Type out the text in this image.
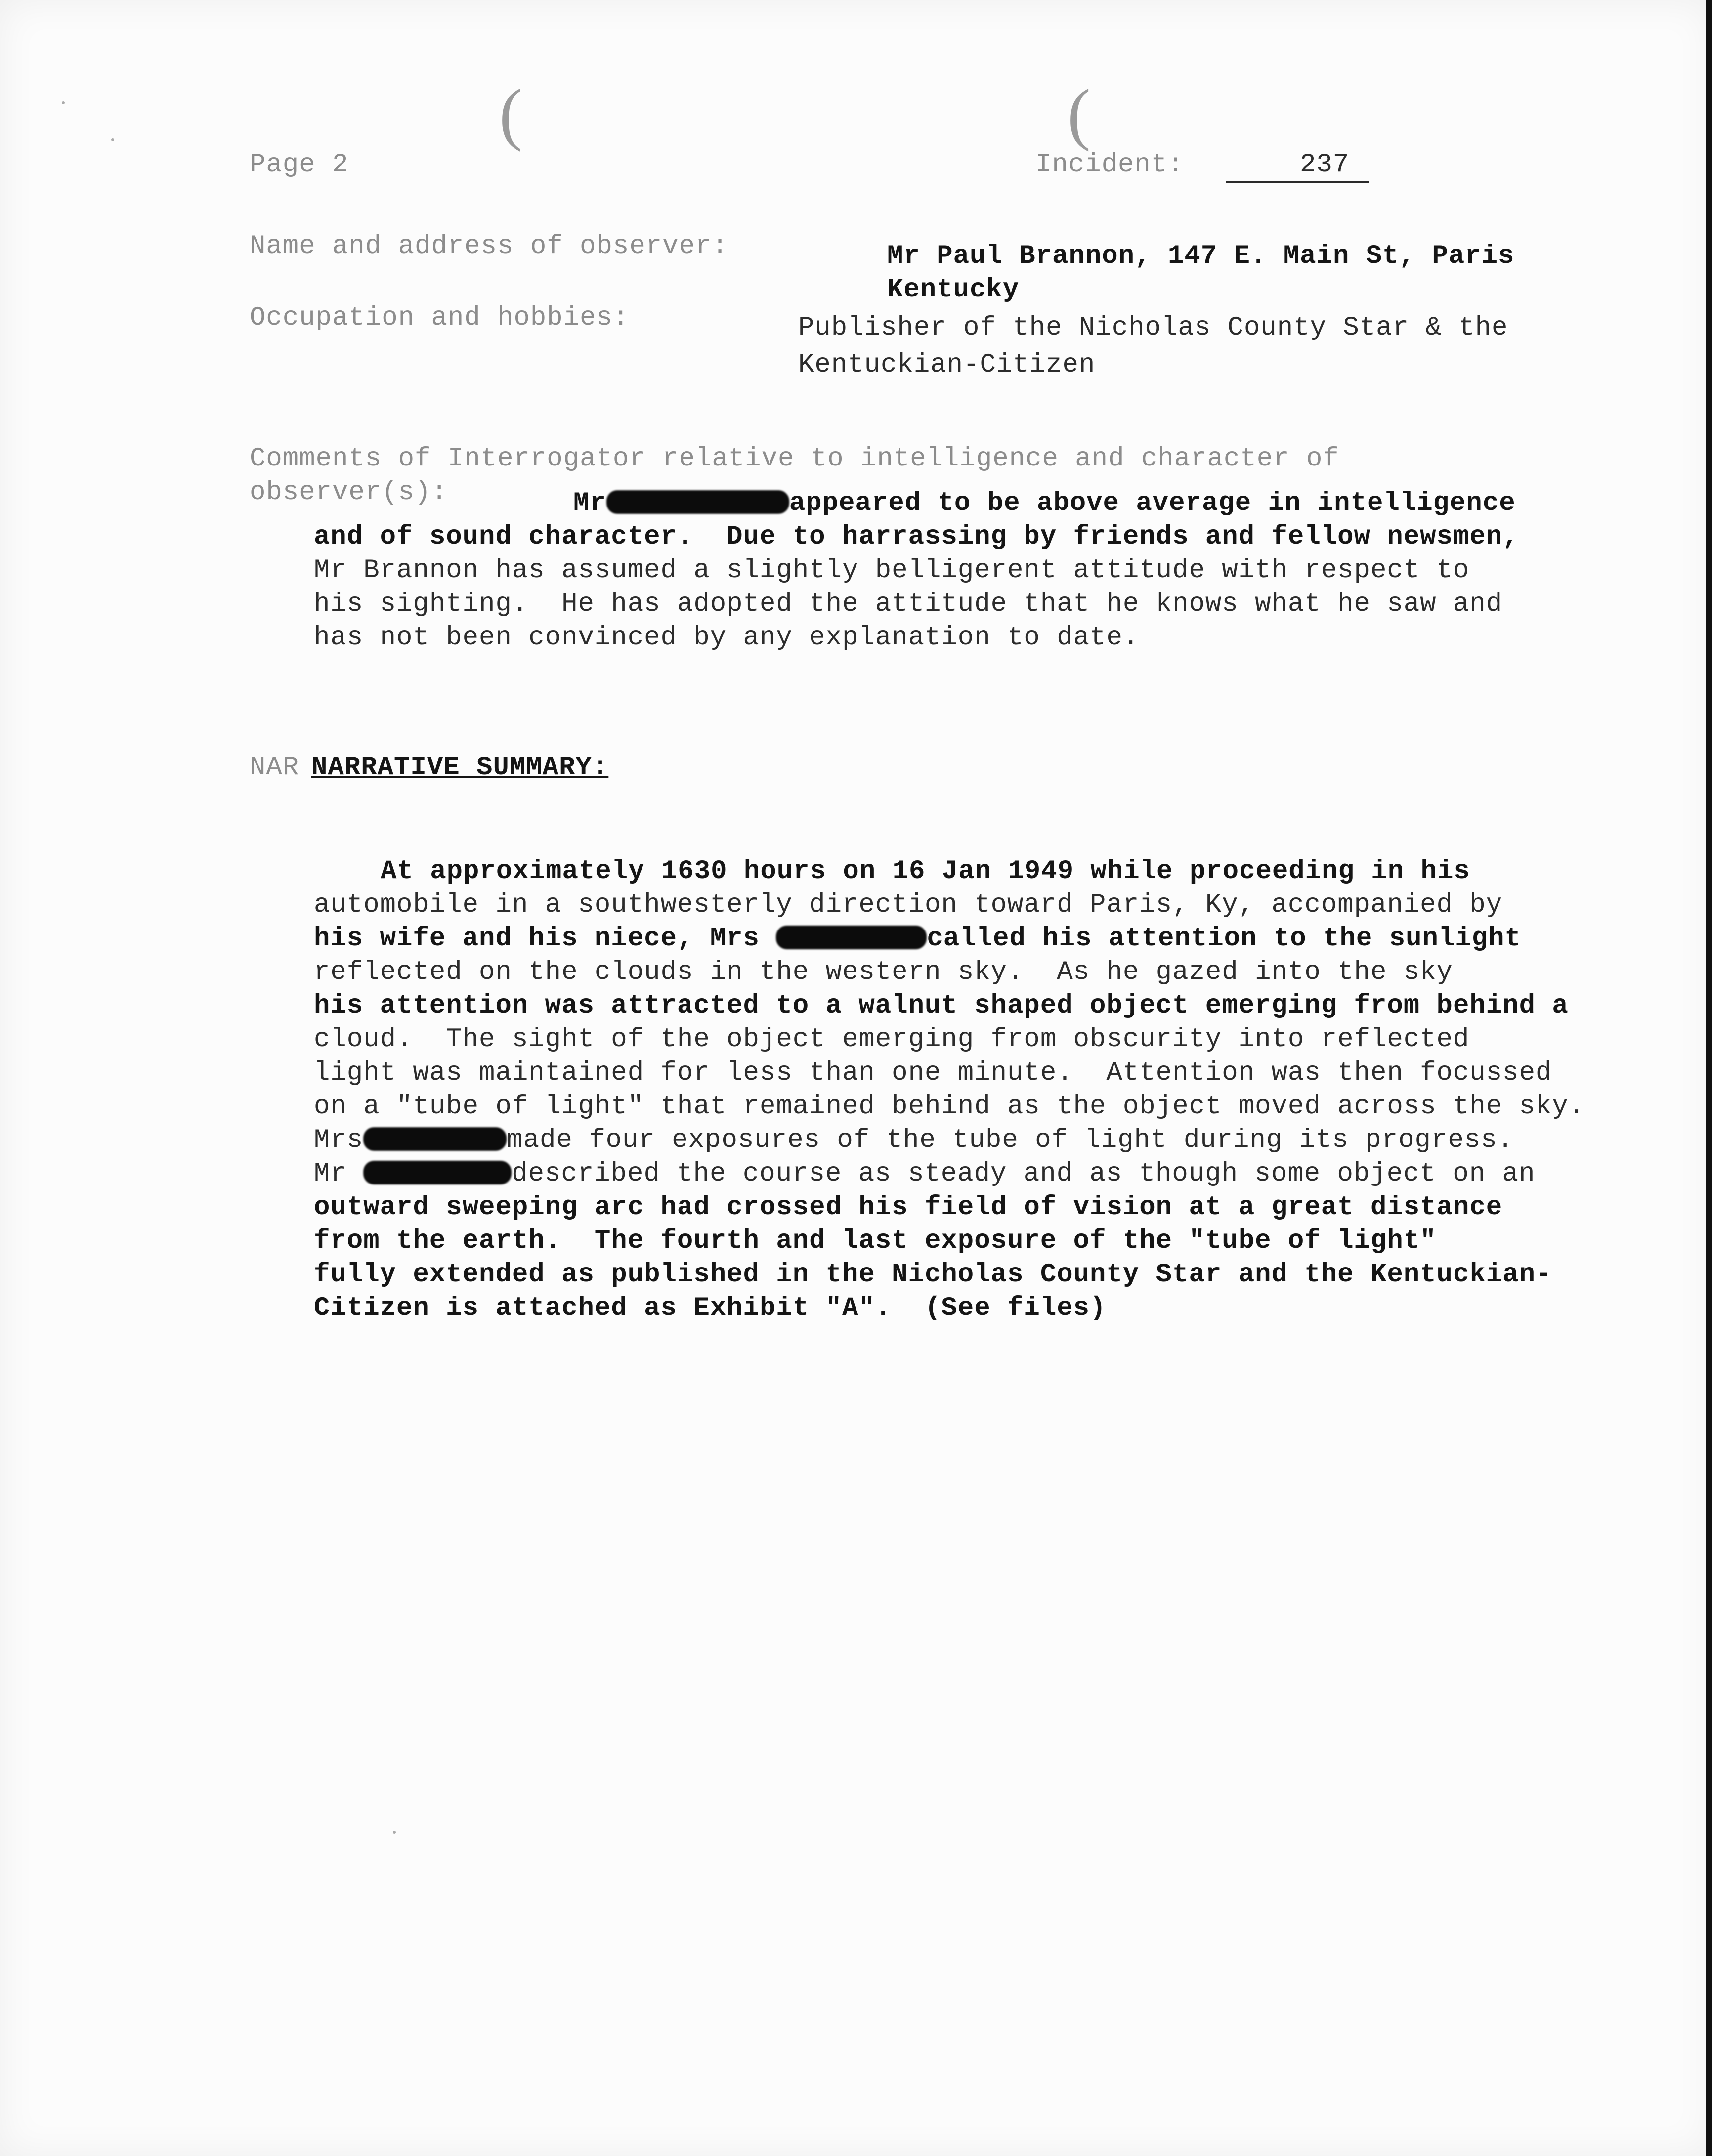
(	(
Page 2	Incident:	237
Name and address of observer:	Mr Paul Brannon, 147 E. Main St, Paris
Kentucky
Occupation and hobbies:	Publisher of the Nicholas County Star & the
Kentuckian-Citizen
Comments of Interrogator relative to intelligence and character of
observer(s):	Mr	appeared to be above average in intelligence
and of sound character.  Due to harrassing by friends and fellow newsmen,
Mr Brannon has assumed a slightly belligerent attitude with respect to
his sighting.  He has adopted the attitude that he knows what he saw and
has not been convinced by any explanation to date.
NAR NARRATIVE SUMMARY:
At approximately 1630 hours on 16 Jan 1949 while proceeding in his
automobile in a southwesterly direction toward Paris, Ky, accompanied by
his wife and his niece, Mrs	called his attention to the sunlight
reflected on the clouds in the western sky.  As he gazed into the sky
his attention was attracted to a walnut shaped object emerging from behind a
cloud.  The sight of the object emerging from obscurity into reflected
light was maintained for less than one minute.  Attention was then focussed
on a "tube of light" that remained behind as the object moved across the sky.
Mrs	made four exposures of the tube of light during its progress.
Mr	described the course as steady and as though some object on an
outward sweeping arc had crossed his field of vision at a great distance
from the earth.  The fourth and last exposure of the "tube of light"
fully extended as published in the Nicholas County Star and the Kentuckian-
Citizen is attached as Exhibit "A".  (See files)
